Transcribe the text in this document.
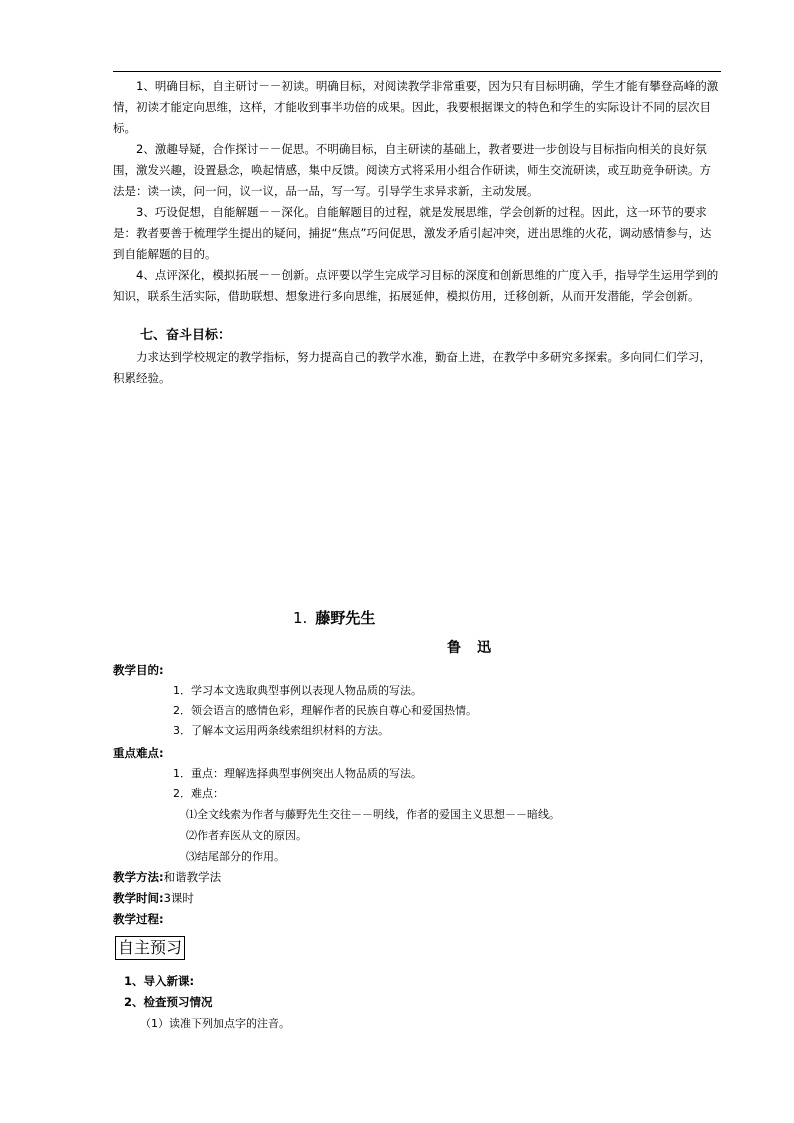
1、明确目标，自主研讨－－初读。明确目标，对阅读教学非常重要，因为只有目标明确，学生才能有攀登高峰的激情，初读才能定向思维，这样，才能收到事半功倍的成果。因此，我要根据课文的特色和学生的实际设计不同的层次目标。

2、激趣导疑，合作探讨－－促思。不明确目标，自主研读的基础上，教者要进一步创设与目标指向相关的良好氛围，激发兴趣，设置悬念，唤起情感，集中反馈。阅读方式将采用小组合作研读，师生交流研读，或互助竞争研读。方法是：读一读，问一问，议一议，品一品，写一写。引导学生求异求新，主动发展。

3、巧设促想，自能解题－－深化。自能解题目的过程，就是发展思维，学会创新的过程。因此，这一环节的要求是：教者要善于梳理学生提出的疑问，捕捉“焦点”巧问促思，激发矛盾引起冲突，迸出思维的火花，调动感情参与，达到自能解题的目的。

4、点评深化，模拟拓展－－创新。点评要以学生完成学习目标的深度和创新思维的广度入手，指导学生运用学到的知识，联系生活实际，借助联想、想象进行多向思维，拓展延伸，模拟仿用，迁移创新，从而开发潜能，学会创新。

七、奋斗目标：

力求达到学校规定的教学指标，努力提高自己的教学水准，勤奋上进，在教学中多研究多探索。多向同仁们学习，积累经验。

1. 藤野先生
鲁迅
教学目的:
1．学习本文选取典型事例以表现人物品质的写法。
2．领会语言的感情色彩，理解作者的民族自尊心和爱国热情。
3．了解本文运用两条线索组织材料的方法。
重点难点:
1．重点：理解选择典型事例突出人物品质的写法。
2．难点：
⑴全文线索为作者与藤野先生交往－－明线，作者的爱国主义思想－－暗线。
⑵作者弃医从文的原因。
⑶结尾部分的作用。
教学方法:和谐教学法
教学时间:3课时
教学过程:
自主预习
1、导入新课:
2、检查预习情况
（1）读准下列加点字的注音。
